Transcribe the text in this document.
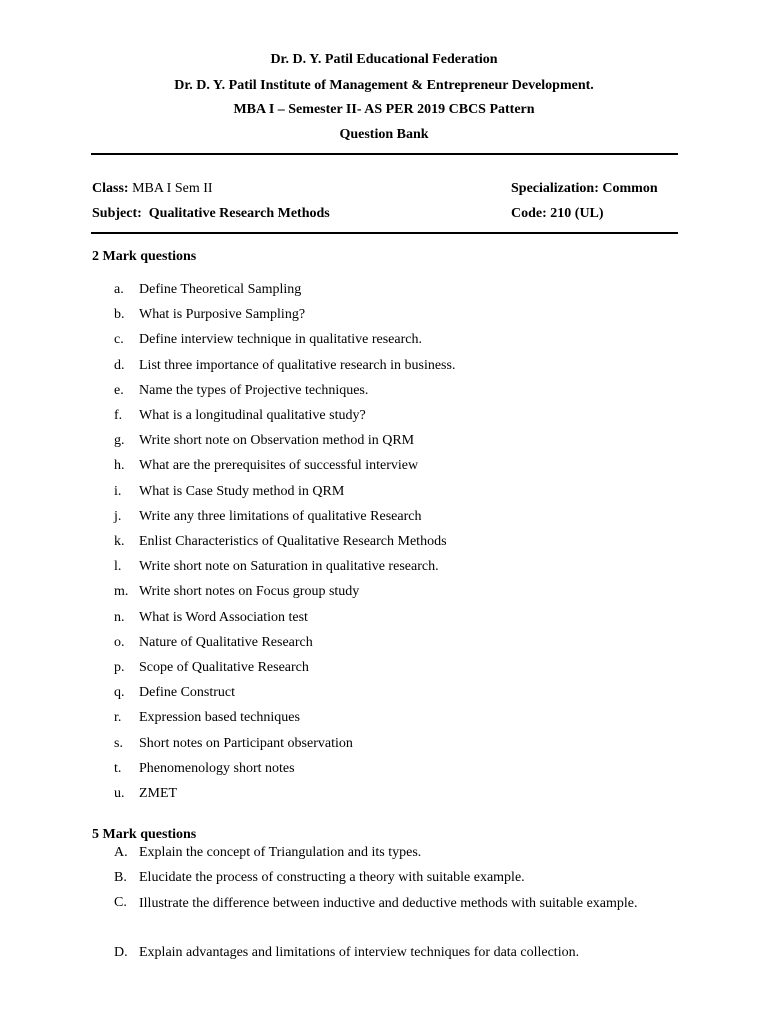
Dr. D. Y. Patil Educational Federation
Dr. D. Y. Patil Institute of Management & Entrepreneur Development.
MBA I – Semester II- AS PER 2019 CBCS Pattern
Question Bank
Class: MBA I Sem II	Specialization: Common
Subject: Qualitative Research Methods	Code: 210 (UL)
2 Mark questions
a. Define Theoretical Sampling
b. What is Purposive Sampling?
c. Define interview technique in qualitative research.
d. List three importance of qualitative research in business.
e. Name the types of Projective techniques.
f. What is a longitudinal qualitative study?
g. Write short note on Observation method in QRM
h. What are the prerequisites of successful interview
i. What is Case Study method in QRM
j. Write any three limitations of qualitative Research
k. Enlist Characteristics of Qualitative Research Methods
l. Write short note on Saturation in qualitative research.
m. Write short notes on Focus group study
n. What is Word Association test
o. Nature of Qualitative Research
p. Scope of Qualitative Research
q. Define Construct
r. Expression based techniques
s. Short notes on Participant observation
t. Phenomenology short notes
u. ZMET
5 Mark questions
A. Explain the concept of Triangulation and its types.
B. Elucidate the process of constructing a theory with suitable example.
C. Illustrate the difference between inductive and deductive methods with suitable example.
D. Explain advantages and limitations of interview techniques for data collection.
